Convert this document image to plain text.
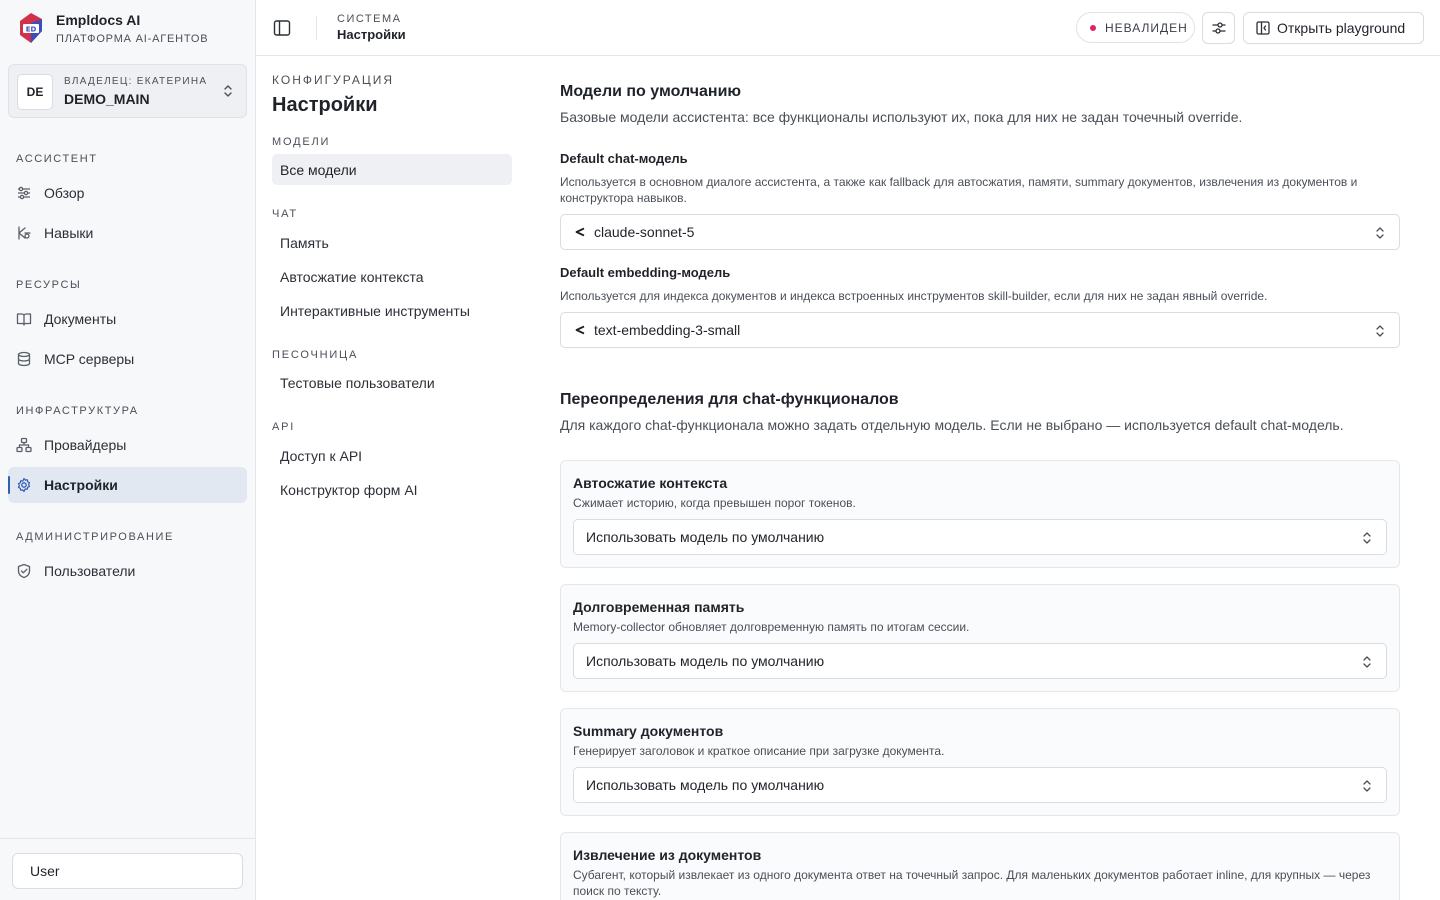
ED
Empldocs AI
ПЛАТФОРМА AI-АГЕНТОВ
DE
ВЛАДЕЛЕЦ: ЕКАТЕРИНА
DEMO_MAIN
АССИСТЕНТ
Обзор
Навыки
РЕСУРСЫ
Документы
MCP серверы
ИНФРАСТРУКТУРА
Провайдеры
Настройки
АДМИНИСТРИРОВАНИЕ
Пользователи
User
СИСТЕМА
Настройки	НЕВАЛИДЕН	Открыть playground
КОНФИГУРАЦИЯ
Настройки
МОДЕЛИ
Все модели
ЧАТ
Память
Автосжатие контекста
Интерактивные инструменты
ПЕСОЧНИЦА
Тестовые пользователи
API
Доступ к API
Конструктор форм AI
Модели по умолчанию
Базовые модели ассистента: все функционалы используют их, пока для них не задан точечный override.
Default chat-модель
Используется в основном диалоге ассистента, а также как fallback для автосжатия, памяти, summary документов, извлечения из документов и конструктора навыков.
claude-sonnet-5
Default embedding-модель
Используется для индекса документов и индекса встроенных инструментов skill-builder, если для них не задан явный override.
text-embedding-3-small
Переопределения для chat-функционалов
Для каждого chat-функционала можно задать отдельную модель. Если не выбрано — используется default chat-модель.
Автосжатие контекста
Сжимает историю, когда превышен порог токенов.
Использовать модель по умолчанию
Долговременная память
Memory-collector обновляет долговременную память по итогам сессии.
Использовать модель по умолчанию
Summary документов
Генерирует заголовок и краткое описание при загрузке документа.
Использовать модель по умолчанию
Извлечение из документов
Субагент, который извлекает из одного документа ответ на точечный запрос. Для маленьких документов работает inline, для крупных — через поиск по тексту.
